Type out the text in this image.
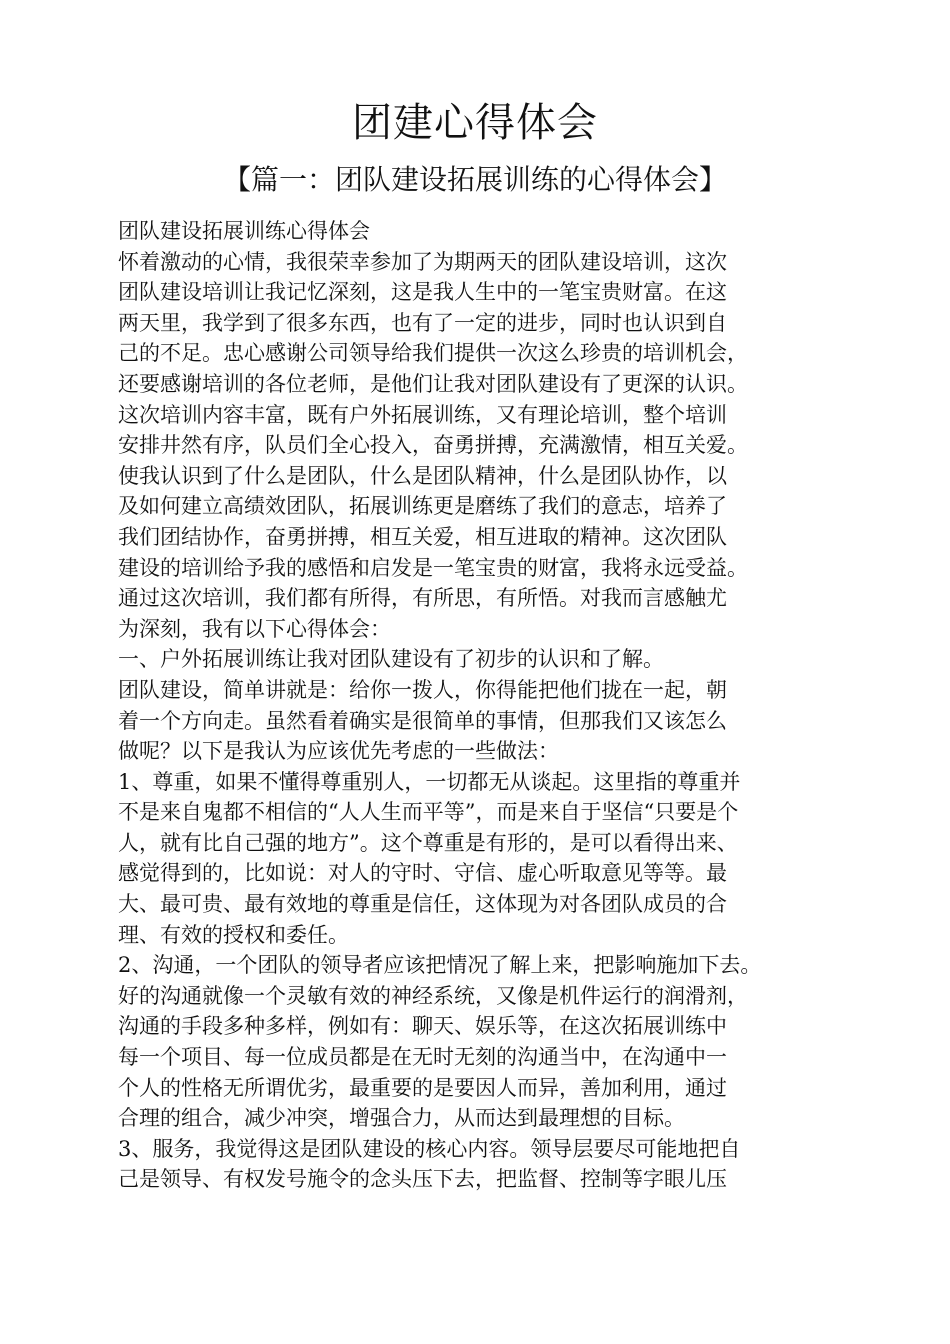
团建心得体会
【篇一：团队建设拓展训练的心得体会】
团队建设拓展训练心得体会
怀着激动的心情，我很荣幸参加了为期两天的团队建设培训，这次
团队建设培训让我记忆深刻，这是我人生中的一笔宝贵财富。在这
两天里，我学到了很多东西，也有了一定的进步，同时也认识到自
己的不足。忠心感谢公司领导给我们提供一次这么珍贵的培训机会，
还要感谢培训的各位老师，是他们让我对团队建设有了更深的认识。
这次培训内容丰富，既有户外拓展训练，又有理论培训，整个培训
安排井然有序，队员们全心投入，奋勇拼搏，充满激情，相互关爱。
使我认识到了什么是团队，什么是团队精神，什么是团队协作，以
及如何建立高绩效团队，拓展训练更是磨练了我们的意志，培养了
我们团结协作，奋勇拼搏，相互关爱，相互进取的精神。这次团队
建设的培训给予我的感悟和启发是一笔宝贵的财富，我将永远受益。
通过这次培训，我们都有所得，有所思，有所悟。对我而言感触尤
为深刻，我有以下心得体会：
一、户外拓展训练让我对团队建设有了初步的认识和了解。
团队建设，简单讲就是：给你一拨人，你得能把他们拢在一起，朝
着一个方向走。虽然看着确实是很简单的事情，但那我们又该怎么
做呢？以下是我认为应该优先考虑的一些做法：
1、尊重，如果不懂得尊重别人，一切都无从谈起。这里指的尊重并
不是来自鬼都不相信的“人人生而平等”，而是来自于坚信“只要是个
人，就有比自己强的地方”。这个尊重是有形的，是可以看得出来、
感觉得到的，比如说：对人的守时、守信、虚心听取意见等等。最
大、最可贵、最有效地的尊重是信任，这体现为对各团队成员的合
理、有效的授权和委任。
2、沟通，一个团队的领导者应该把情况了解上来，把影响施加下去。
好的沟通就像一个灵敏有效的神经系统，又像是机件运行的润滑剂，
沟通的手段多种多样，例如有：聊天、娱乐等，在这次拓展训练中
每一个项目、每一位成员都是在无时无刻的沟通当中，在沟通中一
个人的性格无所谓优劣，最重要的是要因人而异，善加利用，通过
合理的组合，减少冲突，增强合力，从而达到最理想的目标。
3、服务，我觉得这是团队建设的核心内容。领导层要尽可能地把自
己是领导、有权发号施令的念头压下去，把监督、控制等字眼儿压
